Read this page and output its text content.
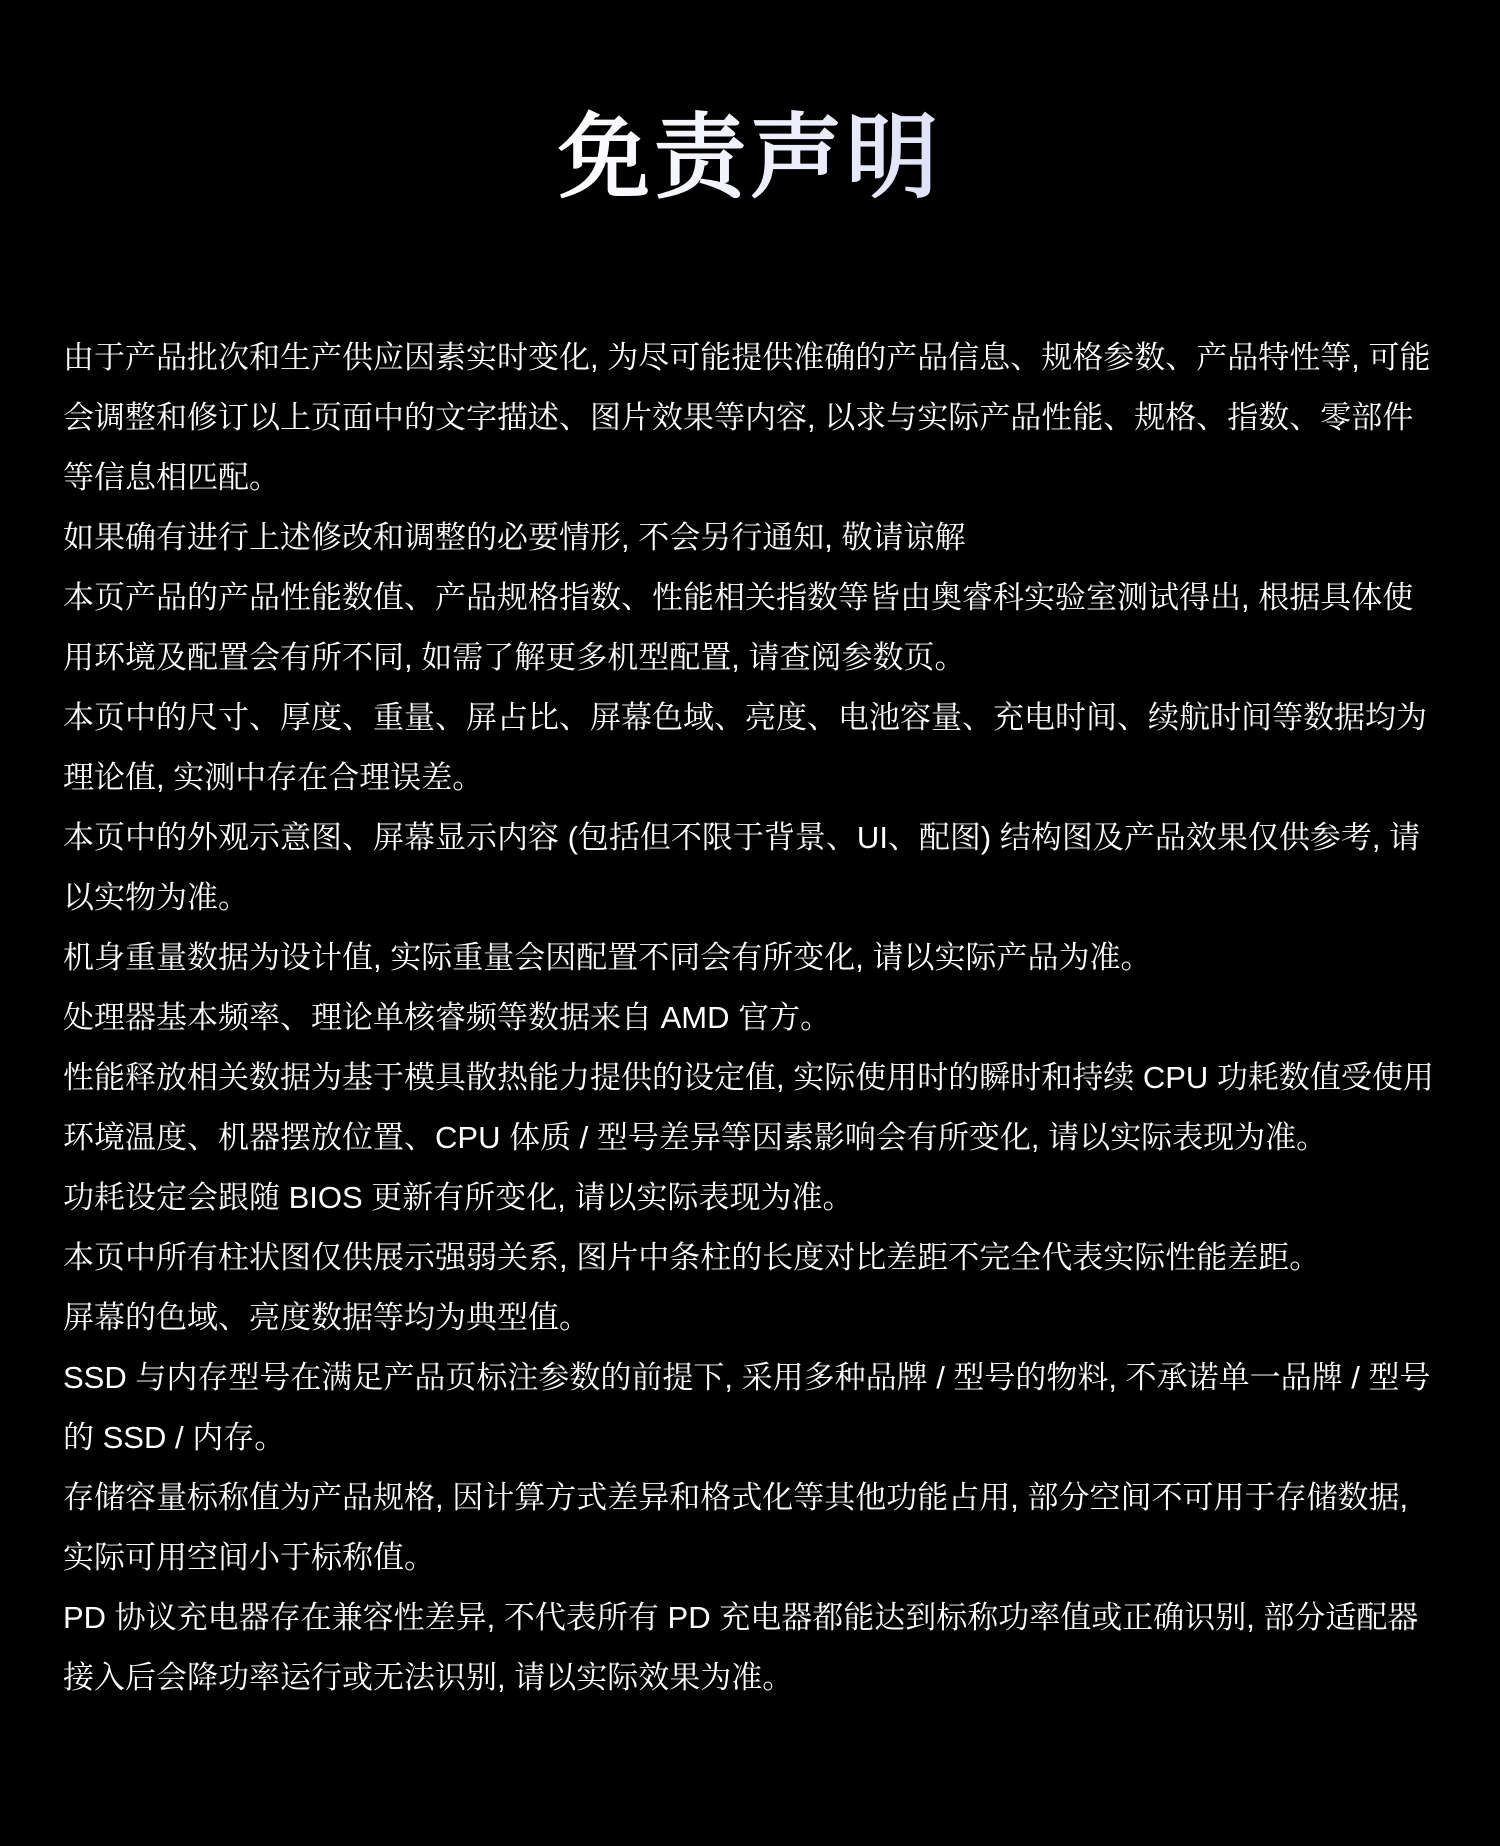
免责声明

由于产品批次和生产供应因素实时变化, 为尽可能提供准确的产品信息、规格参数、产品特性等, 可能会调整和修订以上页面中的文字描述、图片效果等内容, 以求与实际产品性能、规格、指数、零部件等信息相匹配。

如果确有进行上述修改和调整的必要情形, 不会另行通知, 敬请谅解

本页产品的产品性能数值、产品规格指数、性能相关指数等皆由奥睿科实验室测试得出, 根据具体使用环境及配置会有所不同, 如需了解更多机型配置, 请查阅参数页。

本页中的尺寸、厚度、重量、屏占比、屏幕色域、亮度、电池容量、充电时间、续航时间等数据均为理论值, 实测中存在合理误差。

本页中的外观示意图、屏幕显示内容 (包括但不限于背景、UI、配图) 结构图及产品效果仅供参考, 请以实物为准。

机身重量数据为设计值, 实际重量会因配置不同会有所变化, 请以实际产品为准。

处理器基本频率、理论单核睿频等数据来自 AMD 官方。

性能释放相关数据为基于模具散热能力提供的设定值, 实际使用时的瞬时和持续 CPU 功耗数值受使用环境温度、机器摆放位置、CPU 体质 / 型号差异等因素影响会有所变化, 请以实际表现为准。

功耗设定会跟随 BIOS 更新有所变化, 请以实际表现为准。

本页中所有柱状图仅供展示强弱关系, 图片中条柱的长度对比差距不完全代表实际性能差距。

屏幕的色域、亮度数据等均为典型值。

SSD 与内存型号在满足产品页标注参数的前提下, 采用多种品牌 / 型号的物料, 不承诺单一品牌 / 型号的 SSD / 内存。

存储容量标称值为产品规格, 因计算方式差异和格式化等其他功能占用, 部分空间不可用于存储数据, 实际可用空间小于标称值。

PD 协议充电器存在兼容性差异, 不代表所有 PD 充电器都能达到标称功率值或正确识别, 部分适配器接入后会降功率运行或无法识别, 请以实际效果为准。
